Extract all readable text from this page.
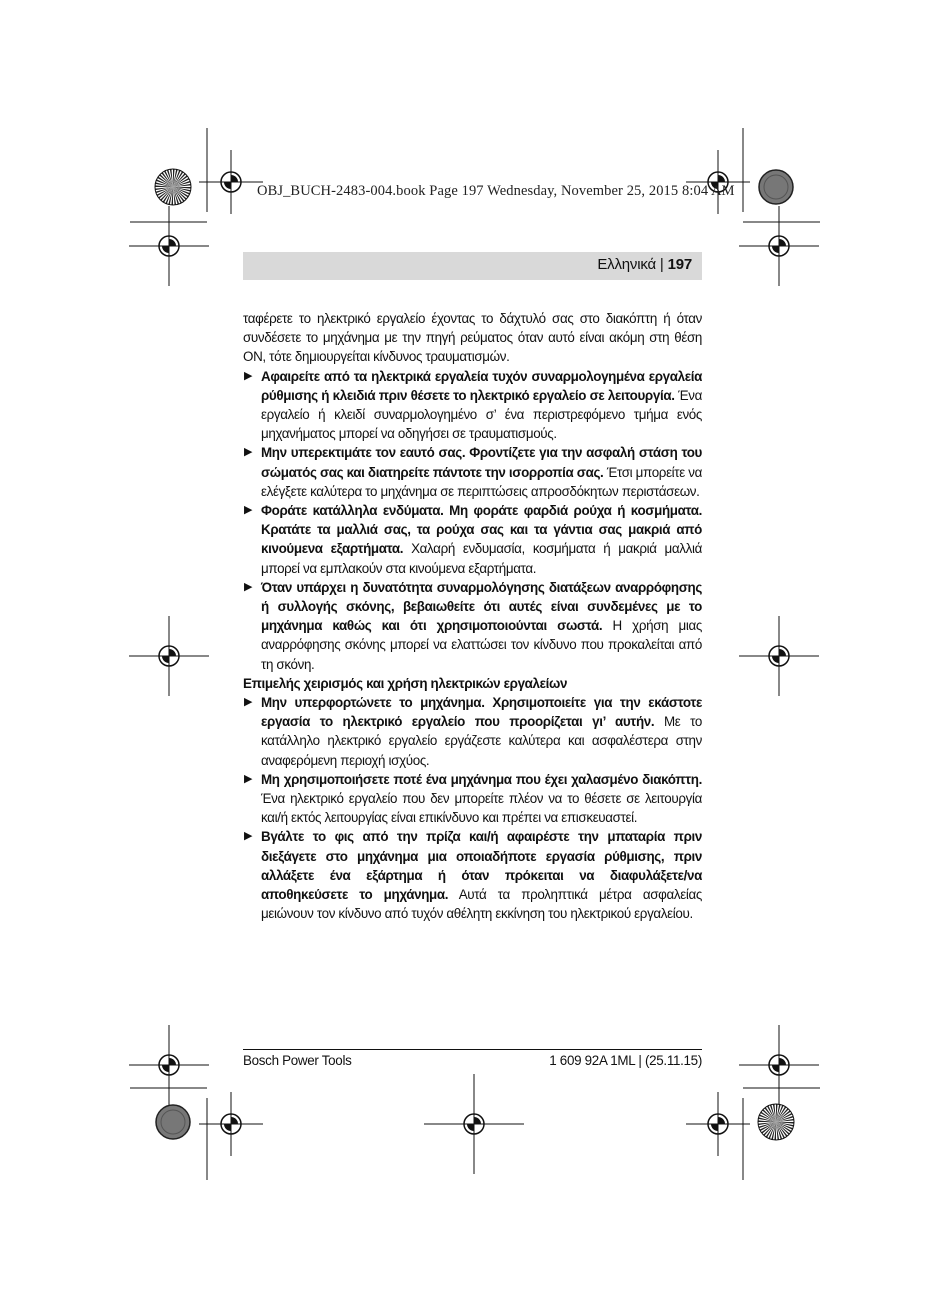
OBJ_BUCH-2483-004.book Page 197 Wednesday, November 25, 2015 8:04 AM
Ελληνικά | 197

ταφέρετε το ηλεκτρικό εργαλείο έχοντας το δάχτυλό σας στο διακόπτη ή όταν συνδέσετε το μηχάνημα με την πηγή ρεύματος όταν αυτό είναι ακόμη στη θέση ON, τότε δημιουργείται κίνδυνος τραυματισμών.

▶ Αφαιρείτε από τα ηλεκτρικά εργαλεία τυχόν συναρμολογημένα εργαλεία ρύθμισης ή κλειδιά πριν θέσετε το ηλεκτρικό εργαλείο σε λειτουργία. Ένα εργαλείο ή κλειδί συναρμολογημένο σ’ ένα περιστρεφόμενο τμήμα ενός μηχανήματος μπορεί να οδηγήσει σε τραυματισμούς.

▶ Μην υπερεκτιμάτε τον εαυτό σας. Φροντίζετε για την ασφαλή στάση του σώματός σας και διατηρείτε πάντοτε την ισορροπία σας. Έτσι μπορείτε να ελέγξετε καλύτερα το μηχάνημα σε περιπτώσεις απροσδόκητων περιστάσεων.

▶ Φοράτε κατάλληλα ενδύματα. Μη φοράτε φαρδιά ρούχα ή κοσμήματα. Κρατάτε τα μαλλιά σας, τα ρούχα σας και τα γάντια σας μακριά από κινούμενα εξαρτήματα. Χαλαρή ενδυμασία, κοσμήματα ή μακριά μαλλιά μπορεί να εμπλακούν στα κινούμενα εξαρτήματα.

▶ Όταν υπάρχει η δυνατότητα συναρμολόγησης διατάξεων αναρρόφησης ή συλλογής σκόνης, βεβαιωθείτε ότι αυτές είναι συνδεμένες με το μηχάνημα καθώς και ότι χρησιμοποιούνται σωστά. Η χρήση μιας αναρρόφησης σκόνης μπορεί να ελαττώσει τον κίνδυνο που προκαλείται από τη σκόνη.

Επιμελής χειρισμός και χρήση ηλεκτρικών εργαλείων

▶ Μην υπερφορτώνετε το μηχάνημα. Χρησιμοποιείτε για την εκάστοτε εργασία το ηλεκτρικό εργαλείο που προορίζεται γι’ αυτήν. Με το κατάλληλο ηλεκτρικό εργαλείο εργάζεστε καλύτερα και ασφαλέστερα στην αναφερόμενη περιοχή ισχύος.

▶ Μη χρησιμοποιήσετε ποτέ ένα μηχάνημα που έχει χαλασμένο διακόπτη. Ένα ηλεκτρικό εργαλείο που δεν μπορείτε πλέον να το θέσετε σε λειτουργία και/ή εκτός λειτουργίας είναι επικίνδυνο και πρέπει να επισκευαστεί.

▶ Βγάλτε το φις από την πρίζα και/ή αφαιρέστε την μπαταρία πριν διεξάγετε στο μηχάνημα μια οποιαδήποτε εργασία ρύθμισης, πριν αλλάξετε ένα εξάρτημα ή όταν πρόκειται να διαφυλάξετε/να αποθηκεύσετε το μηχάνημα. Αυτά τα προληπτικά μέτρα ασφαλείας μειώνουν τον κίνδυνο από τυχόν αθέλητη εκκίνηση του ηλεκτρικού εργαλείου.

Bosch Power Tools	1 609 92A 1ML | (25.11.15)
